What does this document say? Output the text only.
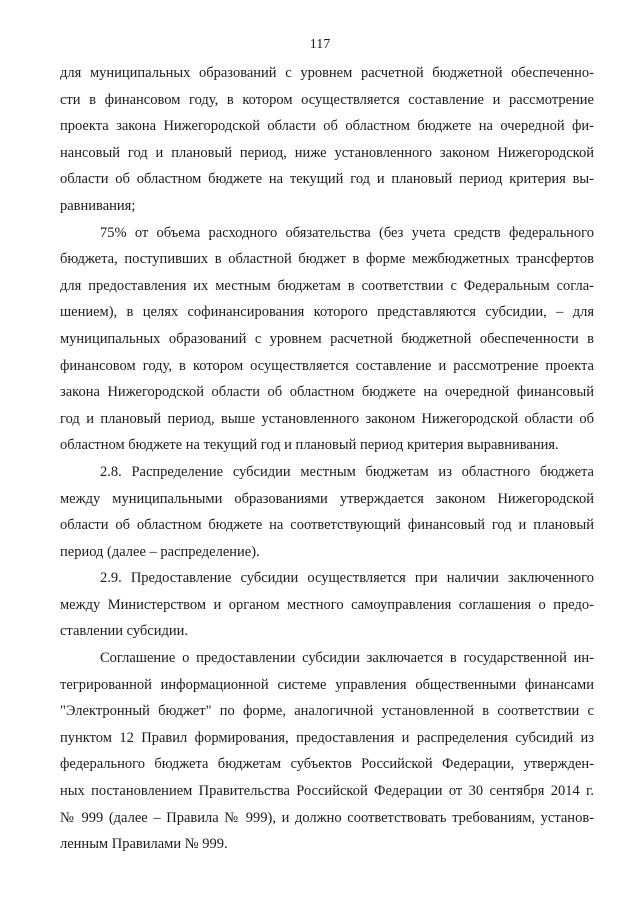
117
для муниципальных образований с уровнем расчетной бюджетной обеспеченно-
сти в финансовом году, в котором осуществляется составление и рассмотрение
проекта закона Нижегородской области об областном бюджете на очередной фи-
нансовый год и плановый период, ниже установленного законом Нижегородской
области об областном бюджете на текущий год и плановый период критерия вы-
равнивания;
75% от объема расходного обязательства (без учета средств федерального
бюджета, поступивших в областной бюджет в форме межбюджетных трансфертов
для предоставления их местным бюджетам в соответствии с Федеральным согла-
шением), в целях софинансирования которого представляются субсидии, – для
муниципальных образований с уровнем расчетной бюджетной обеспеченности в
финансовом году, в котором осуществляется составление и рассмотрение проекта
закона Нижегородской области об областном бюджете на очередной финансовый
год и плановый период, выше установленного законом Нижегородской области об
областном бюджете на текущий год и плановый период критерия выравнивания.
2.8. Распределение субсидии местным бюджетам из областного бюджета
между муниципальными образованиями утверждается законом Нижегородской
области об областном бюджете на соответствующий финансовый год и плановый
период (далее – распределение).
2.9. Предоставление субсидии осуществляется при наличии заключенного
между Министерством и органом местного самоуправления соглашения о предо-
ставлении субсидии.
Соглашение о предоставлении субсидии заключается в государственной ин-
тегрированной информационной системе управления общественными финансами
"Электронный бюджет" по форме, аналогичной установленной в соответствии с
пунктом 12 Правил формирования, предоставления и распределения субсидий из
федерального бюджета бюджетам субъектов Российской Федерации, утвержден-
ных постановлением Правительства Российской Федерации от 30 сентября 2014 г.
№ 999 (далее – Правила № 999), и должно соответствовать требованиям, установ-
ленным Правилами № 999.
